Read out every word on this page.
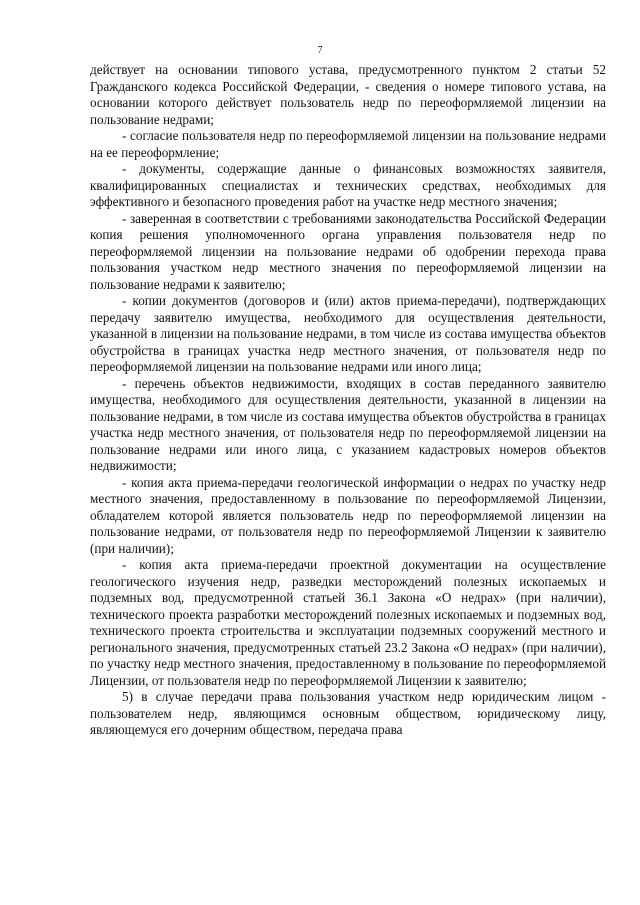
7

действует на основании типового устава, предусмотренного пунктом 2 статьи 52 Гражданского кодекса Российской Федерации, - сведения о номере типового устава, на основании которого действует пользователь недр по переоформляемой лицензии на пользование недрами;

- согласие пользователя недр по переоформляемой лицензии на пользование недрами на ее переоформление;

- документы, содержащие данные о финансовых возможностях заявителя, квалифицированных специалистах и технических средствах, необходимых для эффективного и безопасного проведения работ на участке недр местного значения;

- заверенная в соответствии с требованиями законодательства Российской Федерации копия решения уполномоченного органа управления пользователя недр по переоформляемой лицензии на пользование недрами об одобрении перехода права пользования участком недр местного значения по переоформляемой лицензии на пользование недрами к заявителю;

- копии документов (договоров и (или) актов приема-передачи), подтверждающих передачу заявителю имущества, необходимого для осуществления деятельности, указанной в лицензии на пользование недрами, в том числе из состава имущества объектов обустройства в границах участка недр местного значения, от пользователя недр по переоформляемой лицензии на пользование недрами или иного лица;

- перечень объектов недвижимости, входящих в состав переданного заявителю имущества, необходимого для осуществления деятельности, указанной в лицензии на пользование недрами, в том числе из состава имущества объектов обустройства в границах участка недр местного значения, от пользователя недр по переоформляемой лицензии на пользование недрами или иного лица, с указанием кадастровых номеров объектов недвижимости;

- копия акта приема-передачи геологической информации о недрах по участку недр местного значения, предоставленному в пользование по переоформляемой Лицензии, обладателем которой является пользователь недр по переоформляемой лицензии на пользование недрами, от пользователя недр по переоформляемой Лицензии к заявителю (при наличии);

- копия акта приема-передачи проектной документации на осуществление геологического изучения недр, разведки месторождений полезных ископаемых и подземных вод, предусмотренной статьей 36.1 Закона «О недрах» (при наличии), технического проекта разработки месторождений полезных ископаемых и подземных вод, технического проекта строительства и эксплуатации подземных сооружений местного и регионального значения, предусмотренных статьей 23.2 Закона «О недрах» (при наличии), по участку недр местного значения, предоставленному в пользование по переоформляемой Лицензии, от пользователя недр по переоформляемой Лицензии к заявителю;

5) в случае передачи права пользования участком недр юридическим лицом - пользователем недр, являющимся основным обществом, юридическому лицу, являющемуся его дочерним обществом, передача права
